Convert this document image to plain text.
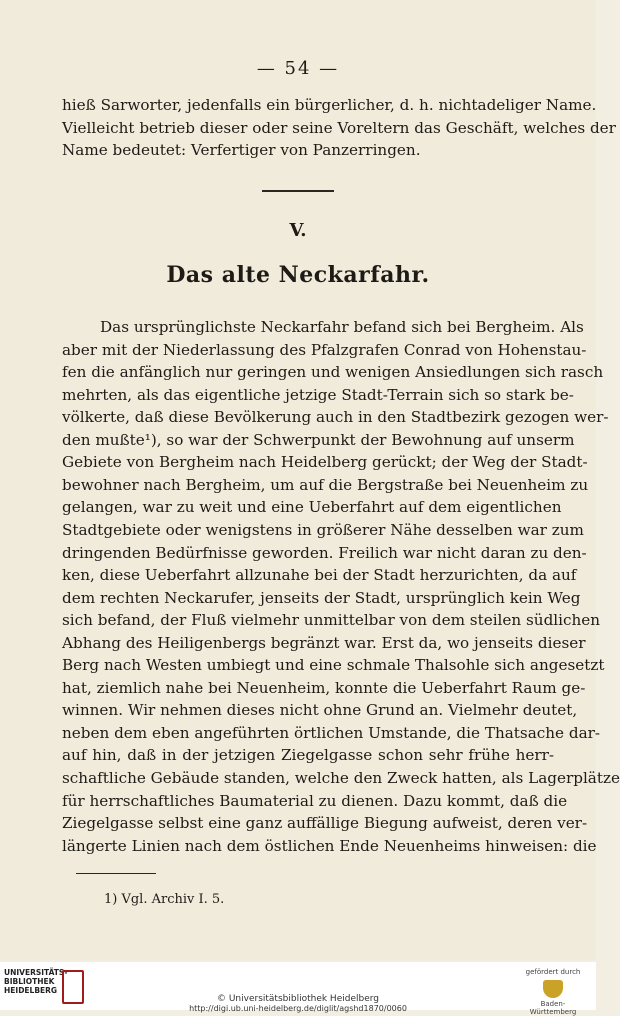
— 54 —
hieß Sarworter, jedenfalls ein bürgerlicher, d. h. nichtadeliger Name.
Vielleicht betrieb dieser oder seine Voreltern das Geschäft, welches der
Name bedeutet: Verfertiger von Panzerringen.
V.
Das alte Neckarfahr.
Das ursprünglichste Neckarfahr befand sich bei Bergheim. Als
aber mit der Niederlassung des Pfalzgrafen Conrad von Hohenstau-
fen die anfänglich nur geringen und wenigen Ansiedlungen sich rasch
mehrten, als das eigentliche jetzige Stadt-Terrain sich so stark be-
völkerte, daß diese Bevölkerung auch in den Stadtbezirk gezogen wer-
den mußte¹), so war der Schwerpunkt der Bewohnung auf unserm
Gebiete von Bergheim nach Heidelberg gerückt; der Weg der Stadt-
bewohner nach Bergheim, um auf die Bergstraße bei Neuenheim zu
gelangen, war zu weit und eine Ueberfahrt auf dem eigentlichen
Stadtgebiete oder wenigstens in größerer Nähe desselben war zum
dringenden Bedürfnisse geworden. Freilich war nicht daran zu den-
ken, diese Ueberfahrt allzunahe bei der Stadt herzurichten, da auf
dem rechten Neckarufer, jenseits der Stadt, ursprünglich kein Weg
sich befand, der Fluß vielmehr unmittelbar von dem steilen südlichen
Abhang des Heiligenbergs begränzt war. Erst da, wo jenseits dieser
Berg nach Westen umbiegt und eine schmale Thalsohle sich angesetzt
hat, ziemlich nahe bei Neuenheim, konnte die Ueberfahrt Raum ge-
winnen. Wir nehmen dieses nicht ohne Grund an. Vielmehr deutet,
neben dem eben angeführten örtlichen Umstande, die Thatsache dar-
auf hin, daß in der jetzigen Ziegelgasse schon sehr frühe herr-
schaftliche Gebäude standen, welche den Zweck hatten, als Lagerplätze
für herrschaftliches Baumaterial zu dienen. Dazu kommt, daß die
Ziegelgasse selbst eine ganz auffällige Biegung aufweist, deren ver-
längerte Linien nach dem östlichen Ende Neuenheims hinweisen: die
1) Vgl. Archiv I. 5.
UNIVERSITÄTS-BIBLIOTHEK HEIDELBERG
© Universitätsbibliothek Heidelberg
http://digi.ub.uni-heidelberg.de/diglit/agshd1870/0060
gefördert durch
Baden-Württemberg
